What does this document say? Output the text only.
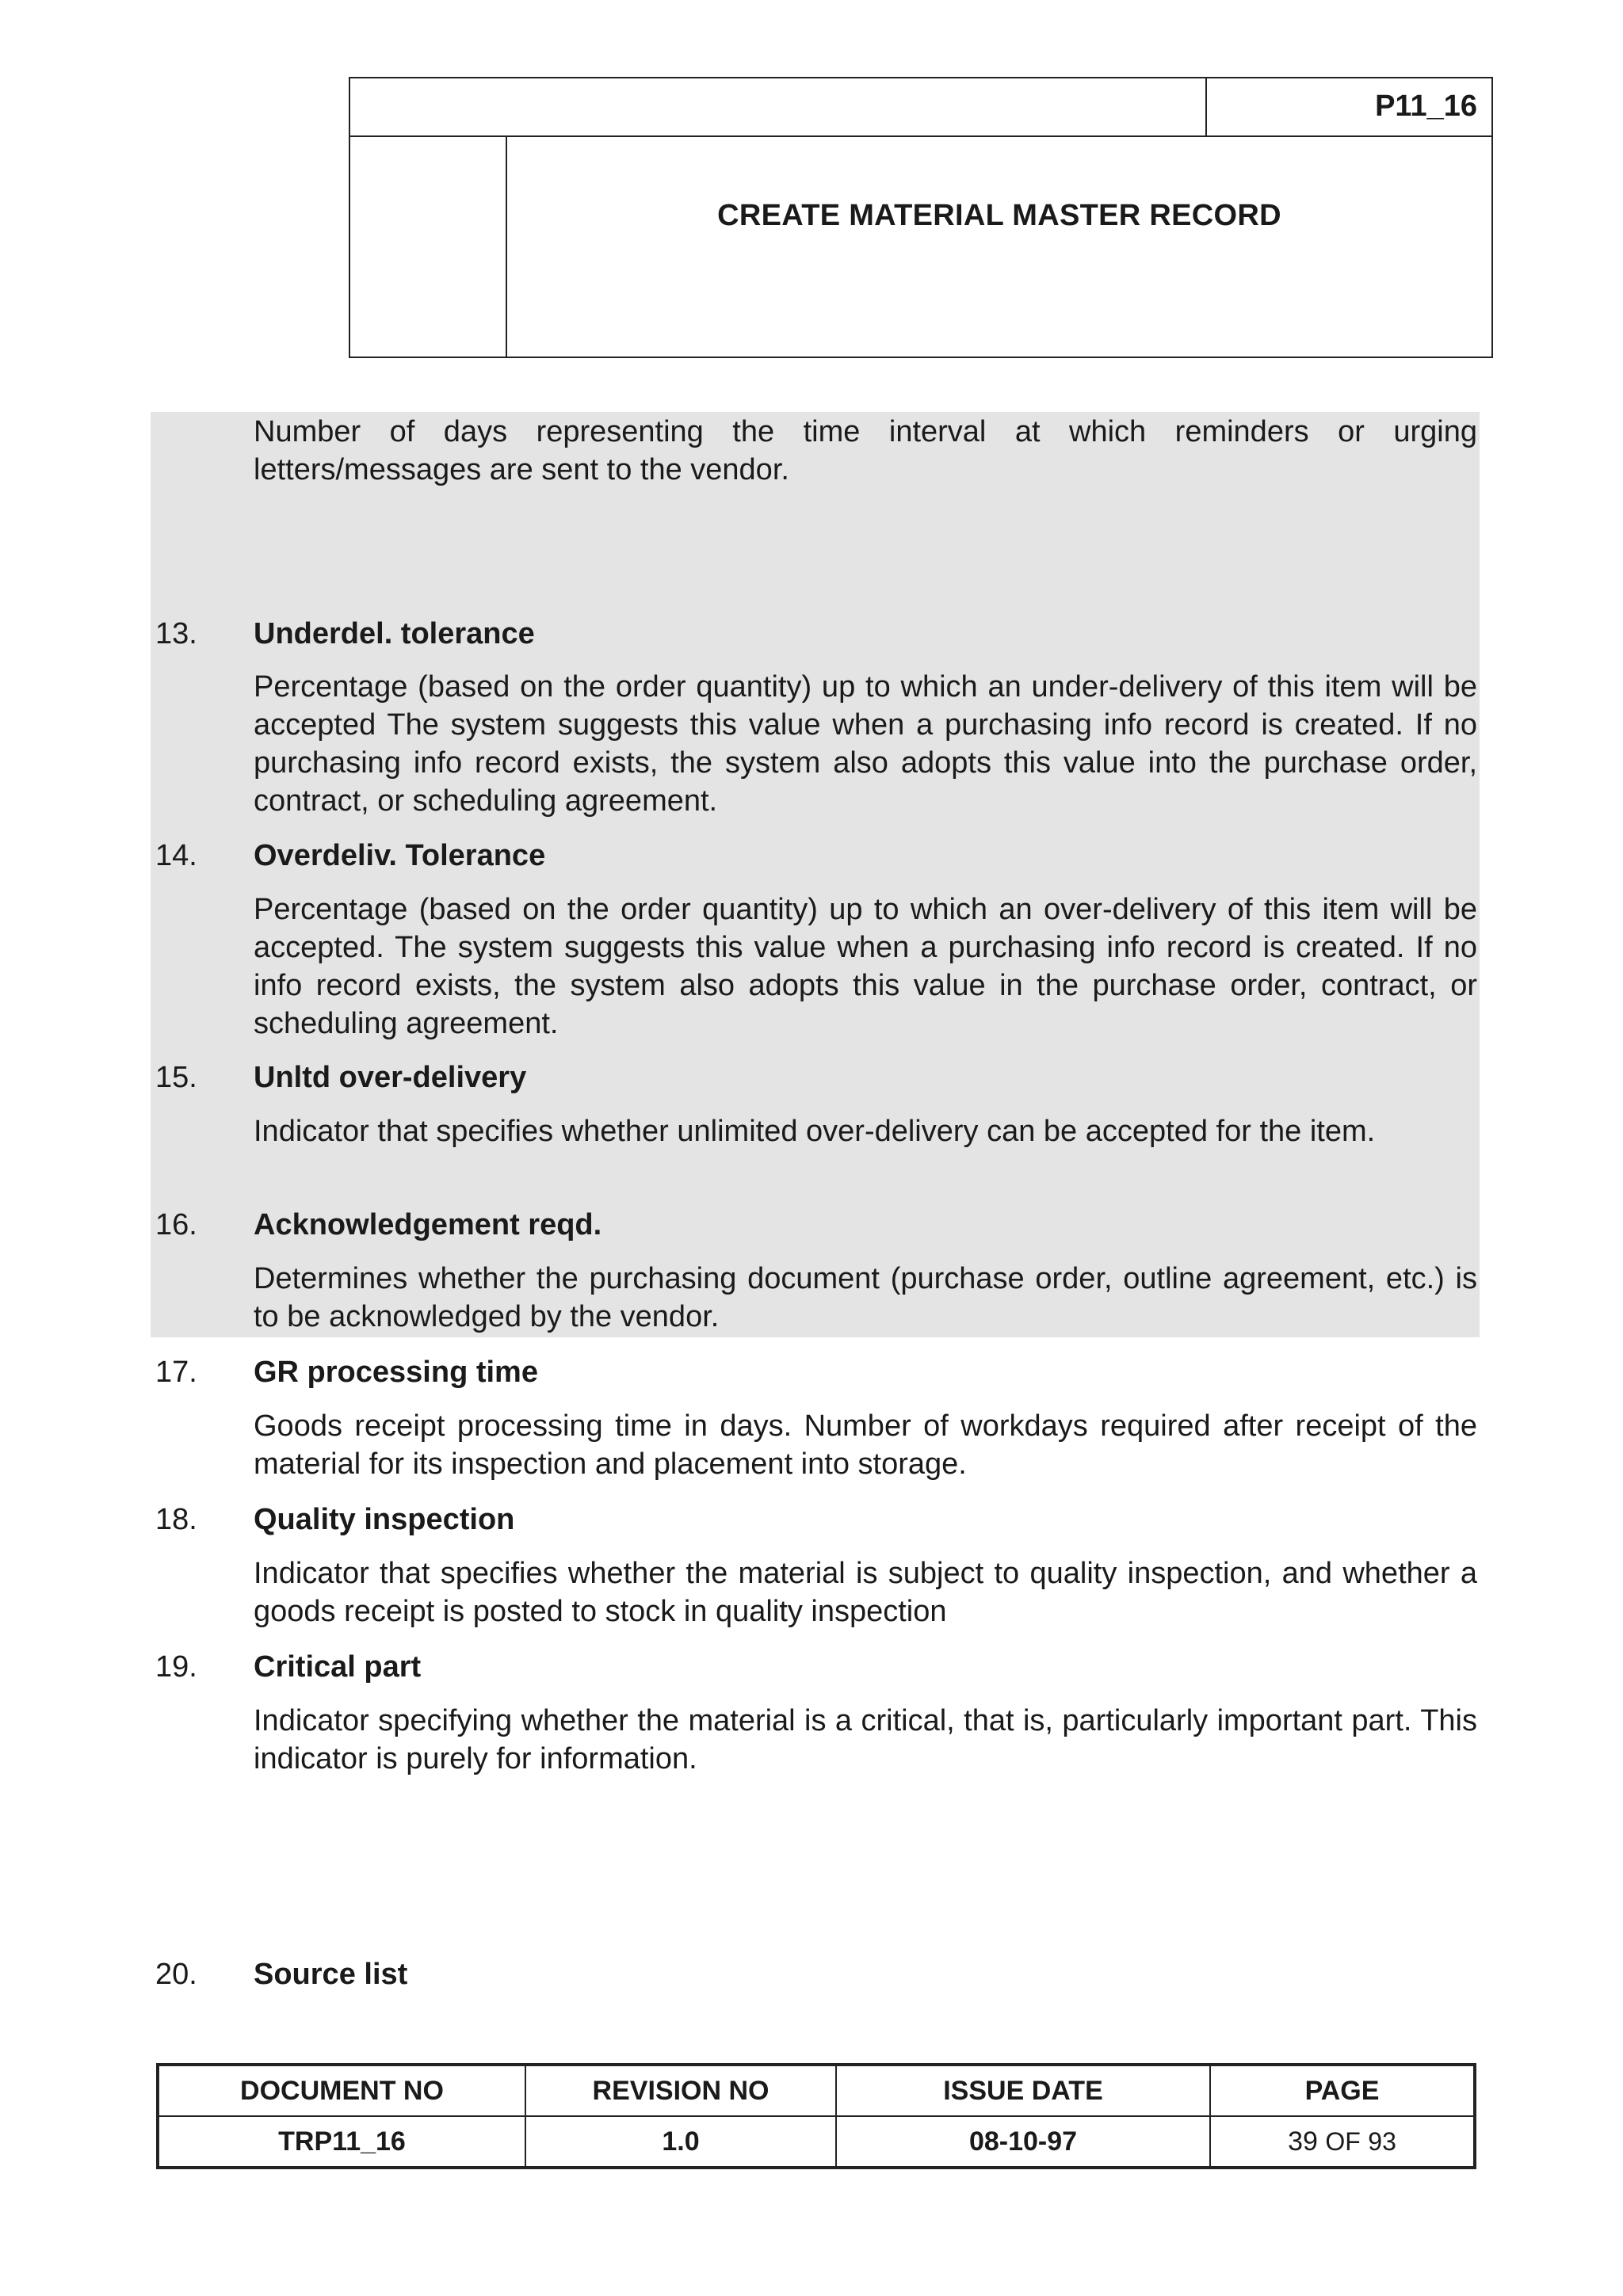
P11_16
CREATE MATERIAL MASTER RECORD
Number of days representing the time interval at which reminders or urging letters/messages are sent to the vendor.
13. Underdel. tolerance
Percentage (based on the order quantity) up to which an under-delivery of this item will be accepted The system suggests this value when a purchasing info record is created. If no purchasing info record exists, the system also adopts this value into the purchase order, contract, or scheduling agreement.
14. Overdeliv. Tolerance
Percentage (based on the order quantity) up to which an over-delivery of this item will be accepted. The system suggests this value when a purchasing info record is created. If no info record exists, the system also adopts this value in the purchase order, contract, or scheduling agreement.
15. Unltd over-delivery
Indicator that specifies whether unlimited over-delivery can be accepted for the item.
16. Acknowledgement reqd.
Determines whether the purchasing document (purchase order, outline agreement, etc.) is to be acknowledged by the vendor.
17. GR processing time
Goods receipt processing time in days. Number of workdays required after receipt of the material for its inspection and placement into storage.
18. Quality inspection
Indicator that specifies whether the material is subject to quality inspection, and whether a goods receipt is posted to stock in quality inspection
19. Critical part
Indicator specifying whether the material is a critical, that is, particularly important part. This indicator is purely for information.
20. Source list
DOCUMENT NO	REVISION NO	ISSUE DATE	PAGE
TRP11_16	1.0	08-10-97	39 OF 93
